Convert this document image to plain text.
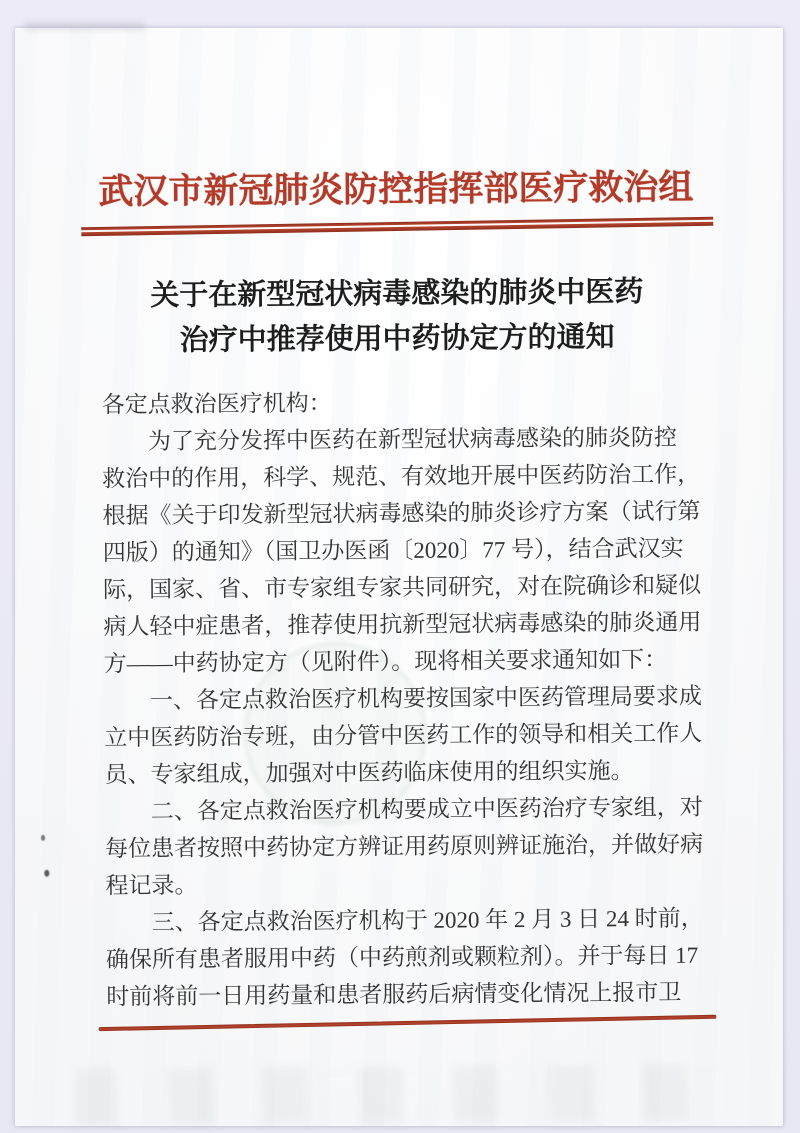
武汉市新冠肺炎防控指挥部医疗救治组
关于在新型冠状病毒感染的肺炎中医药
治疗中推荐使用中药协定方的通知
各定点救治医疗机构：
为了充分发挥中医药在新型冠状病毒感染的肺炎防控
救治中的作用，科学、规范、有效地开展中医药防治工作，
根据《关于印发新型冠状病毒感染的肺炎诊疗方案（试行第
四版）的通知》（国卫办医函〔2020〕77 号），结合武汉实
际，国家、省、市专家组专家共同研究，对在院确诊和疑似
病人轻中症患者，推荐使用抗新型冠状病毒感染的肺炎通用
方——中药协定方（见附件）。现将相关要求通知如下：
一、各定点救治医疗机构要按国家中医药管理局要求成
立中医药防治专班，由分管中医药工作的领导和相关工作人
员、专家组成，加强对中医药临床使用的组织实施。
二、各定点救治医疗机构要成立中医药治疗专家组，对
每位患者按照中药协定方辨证用药原则辨证施治，并做好病
程记录。
三、各定点救治医疗机构于 2020 年 2 月 3 日 24 时前，
确保所有患者服用中药（中药煎剂或颗粒剂）。并于每日 17
时前将前一日用药量和患者服药后病情变化情况上报市卫
